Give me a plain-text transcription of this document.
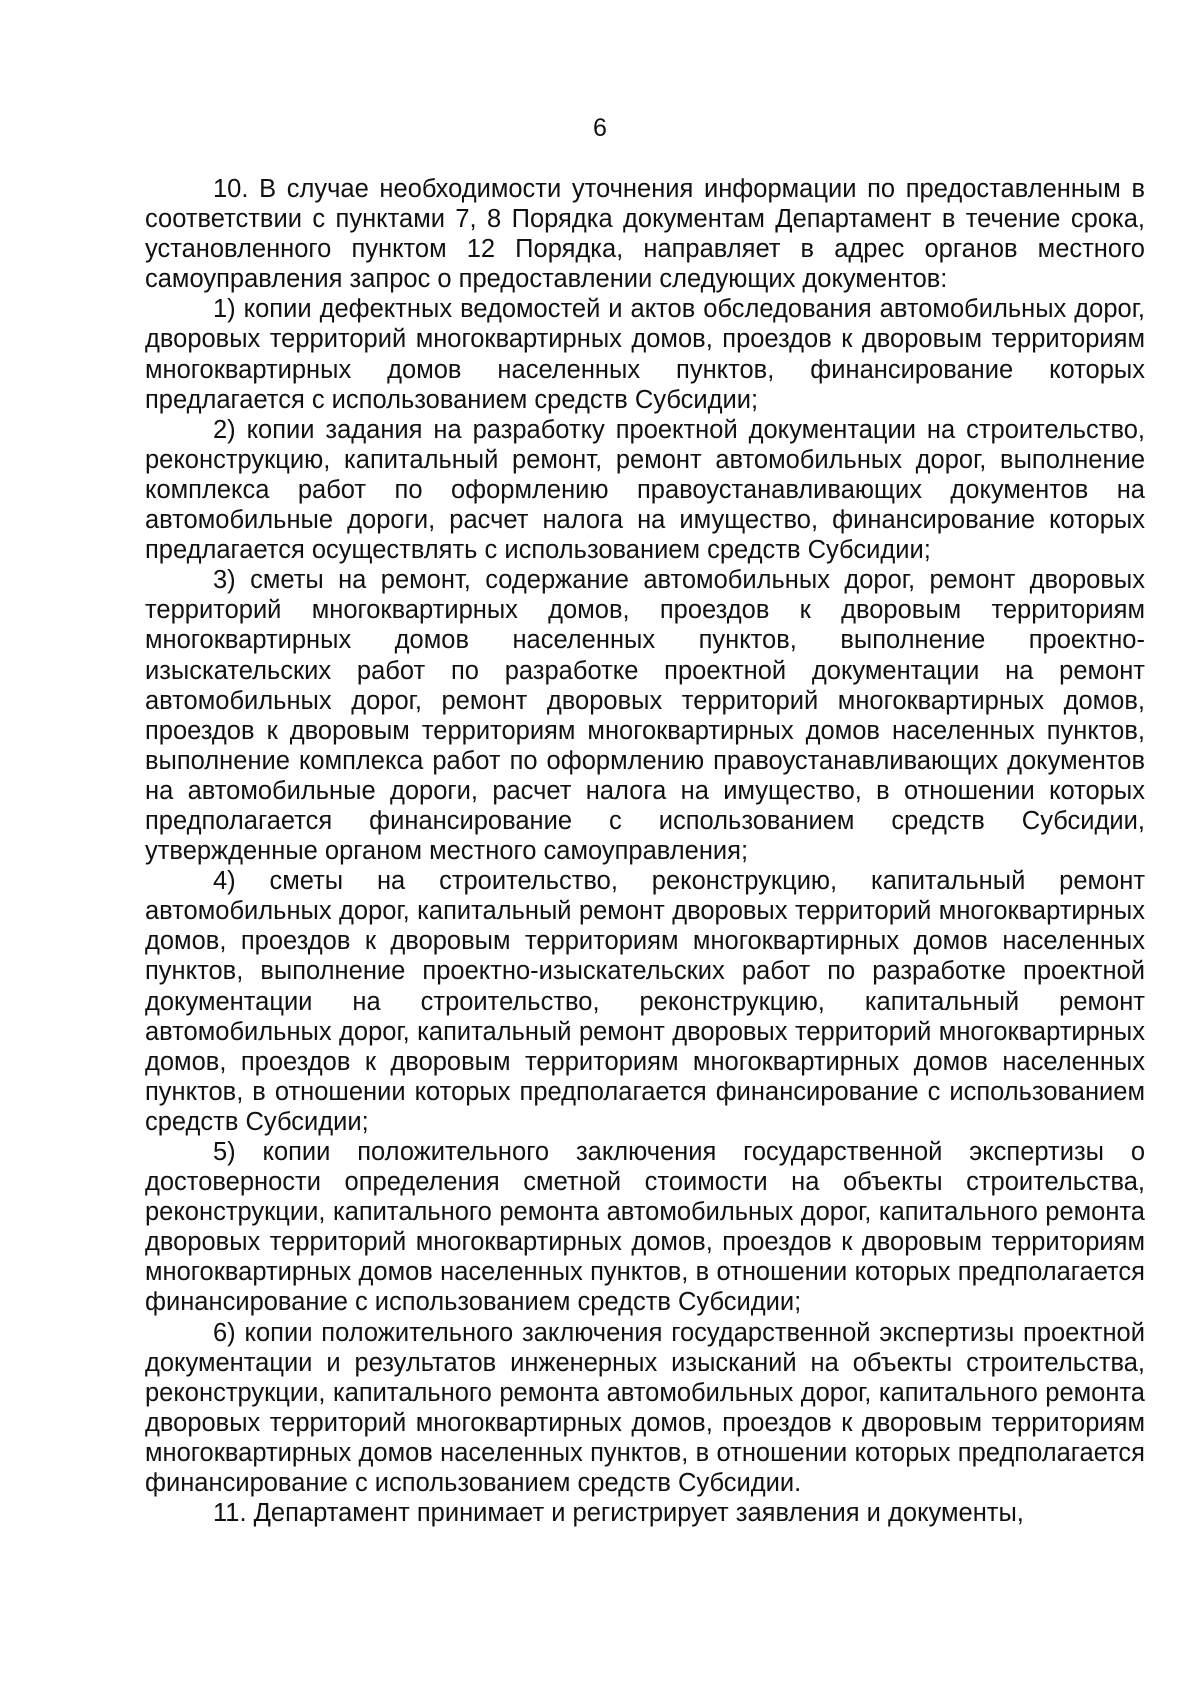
6

10. В случае необходимости уточнения информации по предоставленным в соответствии с пунктами 7, 8 Порядка документам Департамент в течение срока, установленного пунктом 12 Порядка, направляет в адрес органов местного самоуправления запрос о предоставлении следующих документов:

1) копии дефектных ведомостей и актов обследования автомобильных дорог, дворовых территорий многоквартирных домов, проездов к дворовым территориям многоквартирных домов населенных пунктов, финансирование которых предлагается с использованием средств Субсидии;

2) копии задания на разработку проектной документации на строительство, реконструкцию, капитальный ремонт, ремонт автомобильных дорог, выполнение комплекса работ по оформлению правоустанавливающих документов на автомобильные дороги, расчет налога на имущество, финансирование которых предлагается осуществлять с использованием средств Субсидии;

3) сметы на ремонт, содержание автомобильных дорог, ремонт дворовых территорий многоквартирных домов, проездов к дворовым территориям многоквартирных домов населенных пунктов, выполнение проектно-изыскательских работ по разработке проектной документации на ремонт автомобильных дорог, ремонт дворовых территорий многоквартирных домов, проездов к дворовым территориям многоквартирных домов населенных пунктов, выполнение комплекса работ по оформлению правоустанавливающих документов на автомобильные дороги, расчет налога на имущество, в отношении которых предполагается финансирование с использованием средств Субсидии, утвержденные органом местного самоуправления;

4) сметы на строительство, реконструкцию, капитальный ремонт автомобильных дорог, капитальный ремонт дворовых территорий многоквартирных домов, проездов к дворовым территориям многоквартирных домов населенных пунктов, выполнение проектно-изыскательских работ по разработке проектной документации на строительство, реконструкцию, капитальный ремонт автомобильных дорог, капитальный ремонт дворовых территорий многоквартирных домов, проездов к дворовым территориям многоквартирных домов населенных пунктов, в отношении которых предполагается финансирование с использованием средств Субсидии;

5) копии положительного заключения государственной экспертизы о достоверности определения сметной стоимости на объекты строительства, реконструкции, капитального ремонта автомобильных дорог, капитального ремонта дворовых территорий многоквартирных домов, проездов к дворовым территориям многоквартирных домов населенных пунктов, в отношении которых предполагается финансирование с использованием средств Субсидии;

6) копии положительного заключения государственной экспертизы проектной документации и результатов инженерных изысканий на объекты строительства, реконструкции, капитального ремонта автомобильных дорог, капитального ремонта дворовых территорий многоквартирных домов, проездов к дворовым территориям многоквартирных домов населенных пунктов, в отношении которых предполагается финансирование с использованием средств Субсидии.

11. Департамент принимает и регистрирует заявления и документы,
